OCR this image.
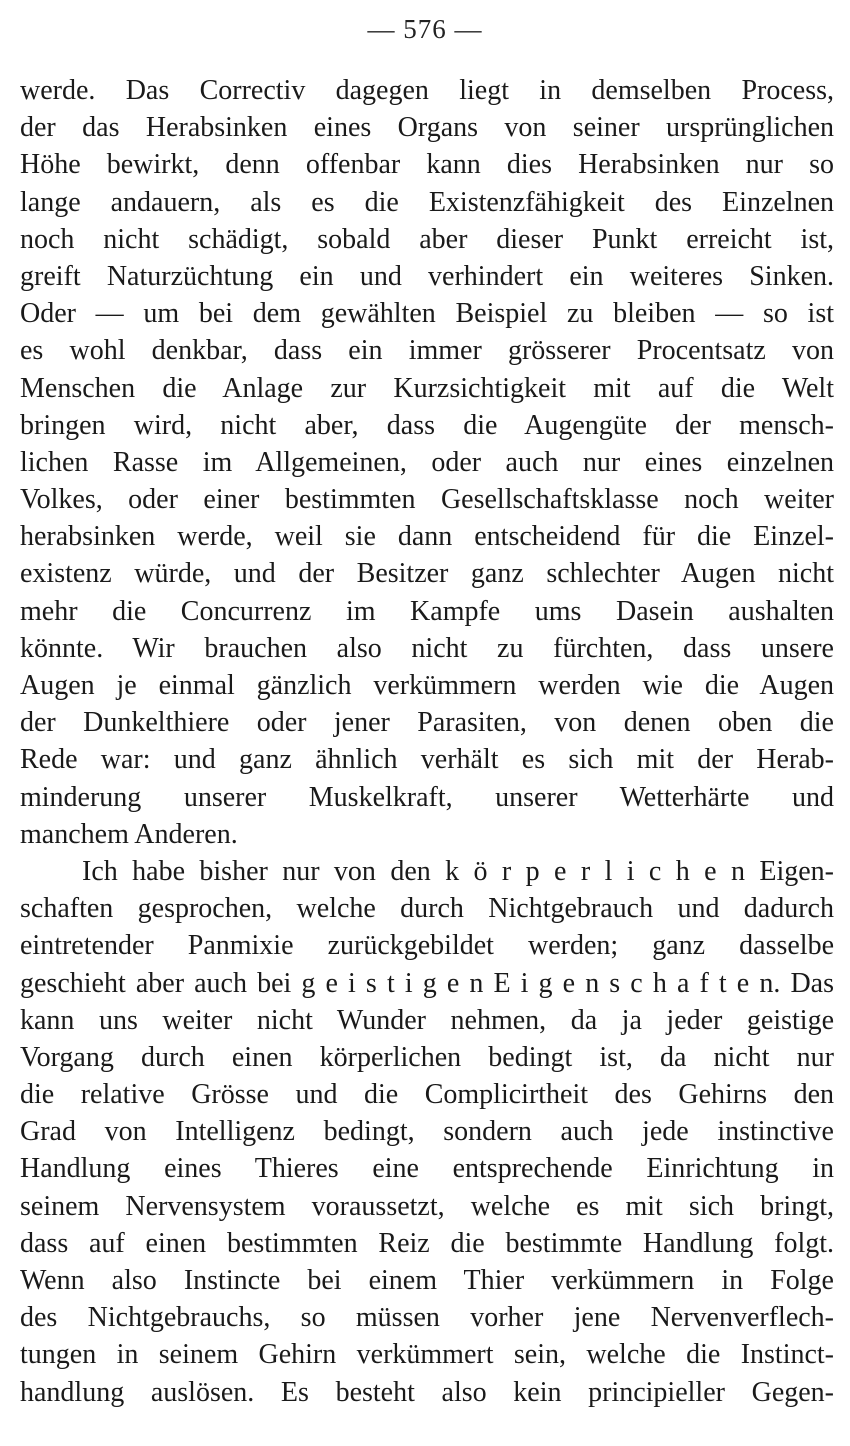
— 576 —
werde. Das Correctiv dagegen liegt in demselben Process,
der das Herabsinken eines Organs von seiner ursprünglichen
Höhe bewirkt, denn offenbar kann dies Herabsinken nur so
lange andauern, als es die Existenzfähigkeit des Einzelnen
noch nicht schädigt, sobald aber dieser Punkt erreicht ist,
greift Naturzüchtung ein und verhindert ein weiteres Sinken.
Oder — um bei dem gewählten Beispiel zu bleiben — so ist
es wohl denkbar, dass ein immer grösserer Procentsatz von
Menschen die Anlage zur Kurzsichtigkeit mit auf die Welt
bringen wird, nicht aber, dass die Augengüte der mensch-
lichen Rasse im Allgemeinen, oder auch nur eines einzelnen
Volkes, oder einer bestimmten Gesellschaftsklasse noch weiter
herabsinken werde, weil sie dann entscheidend für die Einzel-
existenz würde, und der Besitzer ganz schlechter Augen nicht
mehr die Concurrenz im Kampfe ums Dasein aushalten
könnte. Wir brauchen also nicht zu fürchten, dass unsere
Augen je einmal gänzlich verkümmern werden wie die Augen
der Dunkelthiere oder jener Parasiten, von denen oben die
Rede war: und ganz ähnlich verhält es sich mit der Herab-
minderung unserer Muskelkraft, unserer Wetterhärte und
manchem Anderen.
Ich habe bisher nur von den k ö r p e r l i c h e n Eigen-
schaften gesprochen, welche durch Nichtgebrauch und dadurch
eintretender Panmixie zurückgebildet werden; ganz dasselbe
geschieht aber auch bei g e i s t i g e n E i g e n s c h a f t e n. Das
kann uns weiter nicht Wunder nehmen, da ja jeder geistige
Vorgang durch einen körperlichen bedingt ist, da nicht nur
die relative Grösse und die Complicirtheit des Gehirns den
Grad von Intelligenz bedingt, sondern auch jede instinctive
Handlung eines Thieres eine entsprechende Einrichtung in
seinem Nervensystem voraussetzt, welche es mit sich bringt,
dass auf einen bestimmten Reiz die bestimmte Handlung folgt.
Wenn also Instincte bei einem Thier verkümmern in Folge
des Nichtgebrauchs, so müssen vorher jene Nervenverflech-
tungen in seinem Gehirn verkümmert sein, welche die Instinct-
handlung auslösen. Es besteht also kein principieller Gegen-
